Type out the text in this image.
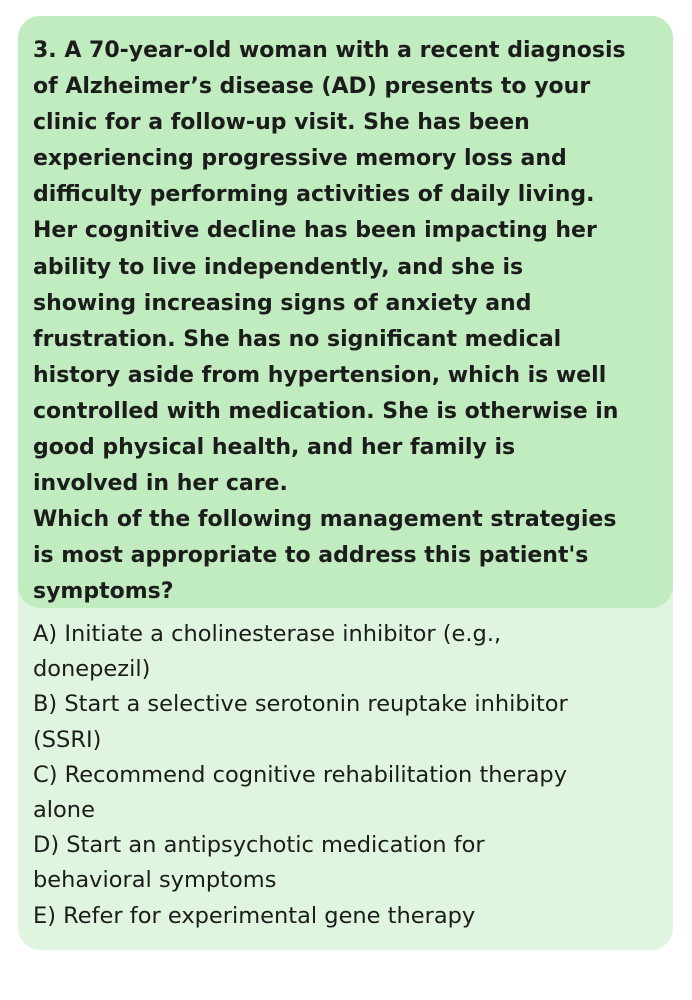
3. A 70-year-old woman with a recent diagnosis
of Alzheimer’s disease (AD) presents to your
clinic for a follow-up visit. She has been
experiencing progressive memory loss and
difficulty performing activities of daily living.
Her cognitive decline has been impacting her
ability to live independently, and she is
showing increasing signs of anxiety and
frustration. She has no significant medical
history aside from hypertension, which is well
controlled with medication. She is otherwise in
good physical health, and her family is
involved in her care.
Which of the following management strategies
is most appropriate to address this patient's
symptoms?

A) Initiate a cholinesterase inhibitor (e.g.,
donepezil)
B) Start a selective serotonin reuptake inhibitor
(SSRI)
C) Recommend cognitive rehabilitation therapy
alone
D) Start an antipsychotic medication for
behavioral symptoms
E) Refer for experimental gene therapy
